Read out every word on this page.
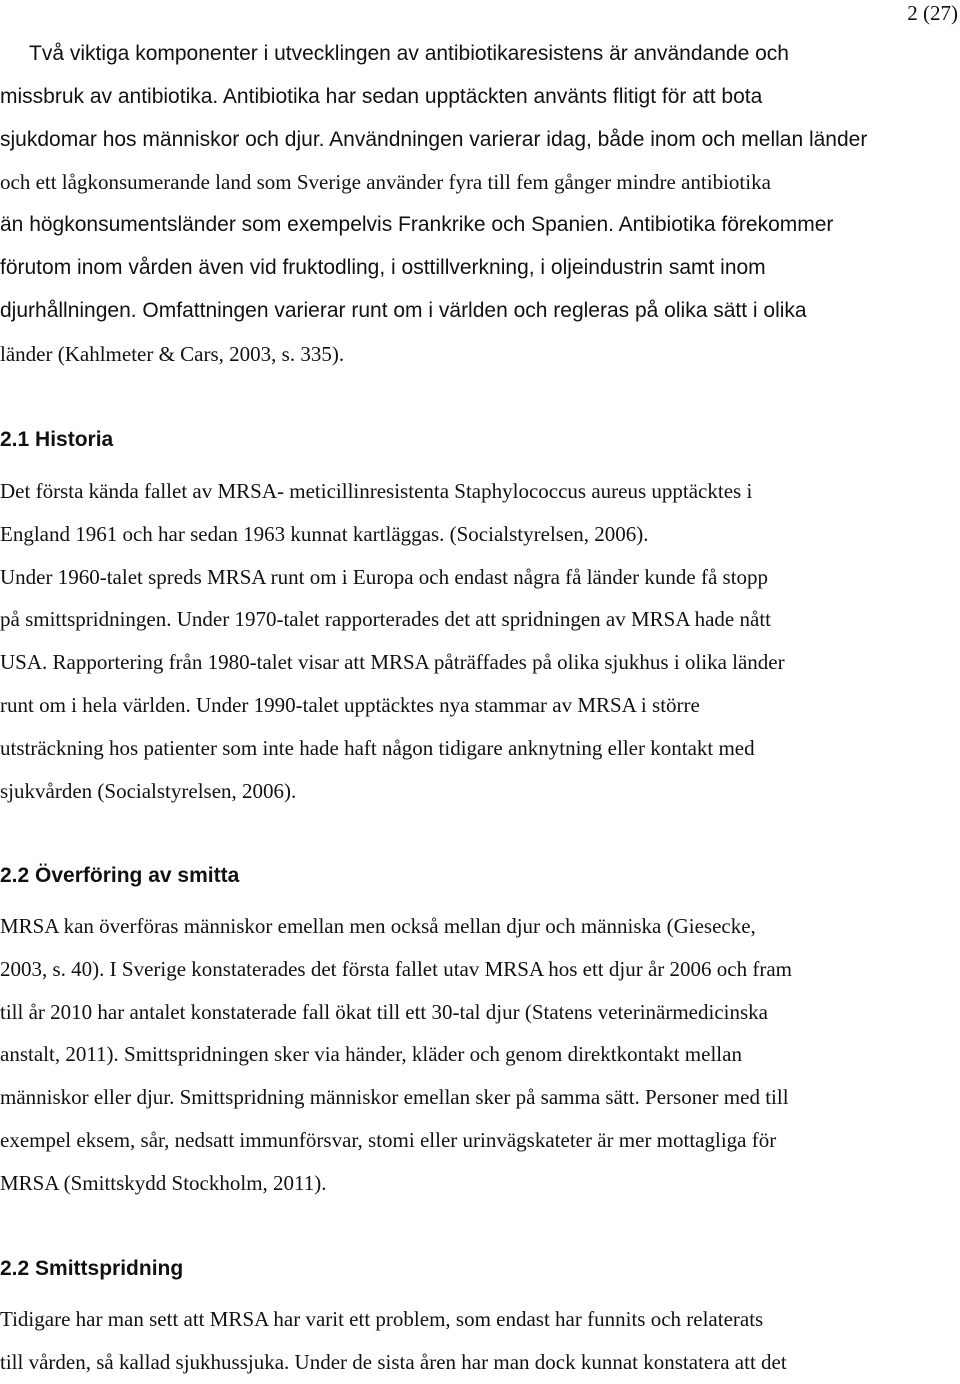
2 (27)
Två viktiga komponenter i utvecklingen av antibiotikaresistens är användande och
missbruk av antibiotika. Antibiotika har sedan upptäckten använts flitigt för att bota
sjukdomar hos människor och djur. Användningen varierar idag, både inom och mellan länder
och ett lågkonsumerande land som Sverige använder fyra till fem gånger mindre antibiotika
än högkonsumentsländer som exempelvis Frankrike och Spanien. Antibiotika förekommer
förutom inom vården även vid fruktodling, i osttillverkning, i oljeindustrin samt inom
djurhållningen. Omfattningen varierar runt om i världen och regleras på olika sätt i olika
länder (Kahlmeter & Cars, 2003, s. 335).
2.1 Historia
Det första kända fallet av MRSA- meticillinresistenta Staphylococcus aureus upptäcktes i
England 1961 och har sedan 1963 kunnat kartläggas. (Socialstyrelsen, 2006).
Under 1960-talet spreds MRSA runt om i Europa och endast några få länder kunde få stopp
på smittspridningen. Under 1970-talet rapporterades det att spridningen av MRSA hade nått
USA. Rapportering från 1980-talet visar att MRSA påträffades på olika sjukhus i olika länder
runt om i hela världen. Under 1990-talet upptäcktes nya stammar av MRSA i större
utsträckning hos patienter som inte hade haft någon tidigare anknytning eller kontakt med
sjukvården (Socialstyrelsen, 2006).
2.2 Överföring av smitta
MRSA kan överföras människor emellan men också mellan djur och människa (Giesecke,
2003, s. 40). I Sverige konstaterades det första fallet utav MRSA hos ett djur år 2006 och fram
till år 2010 har antalet konstaterade fall ökat till ett 30-tal djur (Statens veterinärmedicinska
anstalt, 2011). Smittspridningen sker via händer, kläder och genom direktkontakt mellan
människor eller djur. Smittspridning människor emellan sker på samma sätt. Personer med till
exempel eksem, sår, nedsatt immunförsvar, stomi eller urinvägskateter är mer mottagliga för
MRSA (Smittskydd Stockholm, 2011).
2.2 Smittspridning
Tidigare har man sett att MRSA har varit ett problem, som endast har funnits och relaterats
till vården, så kallad sjukhussjuka. Under de sista åren har man dock kunnat konstatera att det
